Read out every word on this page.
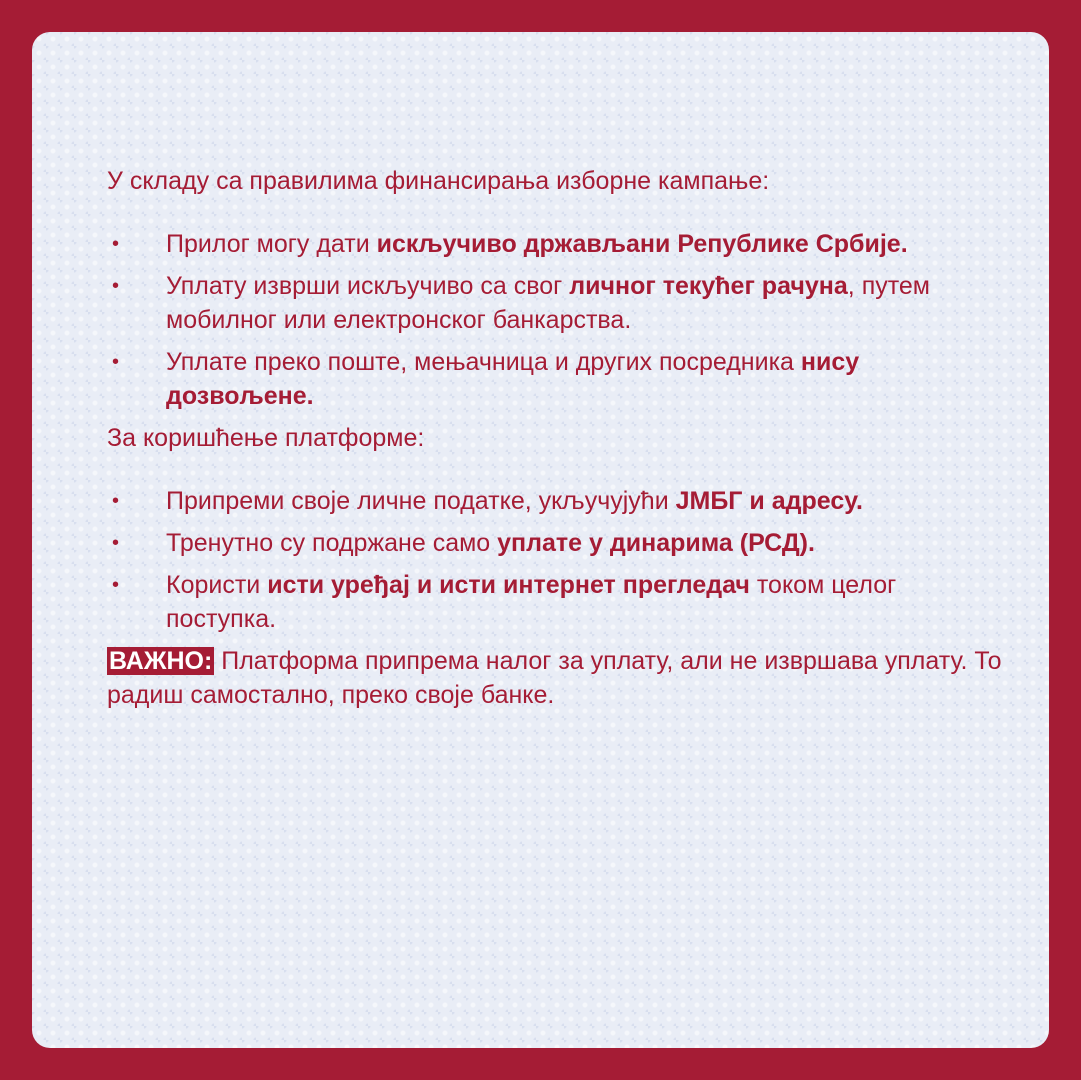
У складу са правилима финансирања изборне кампање:

• Прилог могу дати искључиво држављани Републике Србије.
• Уплату изврши искључиво са свог личног текућег рачуна, путем мобилног или електронског банкарства.
• Уплате преко поште, мењачница и других посредника нису дозвољене.

За коришћење платформе:

• Припреми своје личне податке, укључујући ЈМБГ и адресу.
• Тренутно су подржане само уплате у динарима (РСД).
• Користи исти уређај и исти интернет прегледач током целог поступка.

ВАЖНО: Платформа припрема налог за уплату, али не извршава уплату. То радиш самостално, преко своје банке.
